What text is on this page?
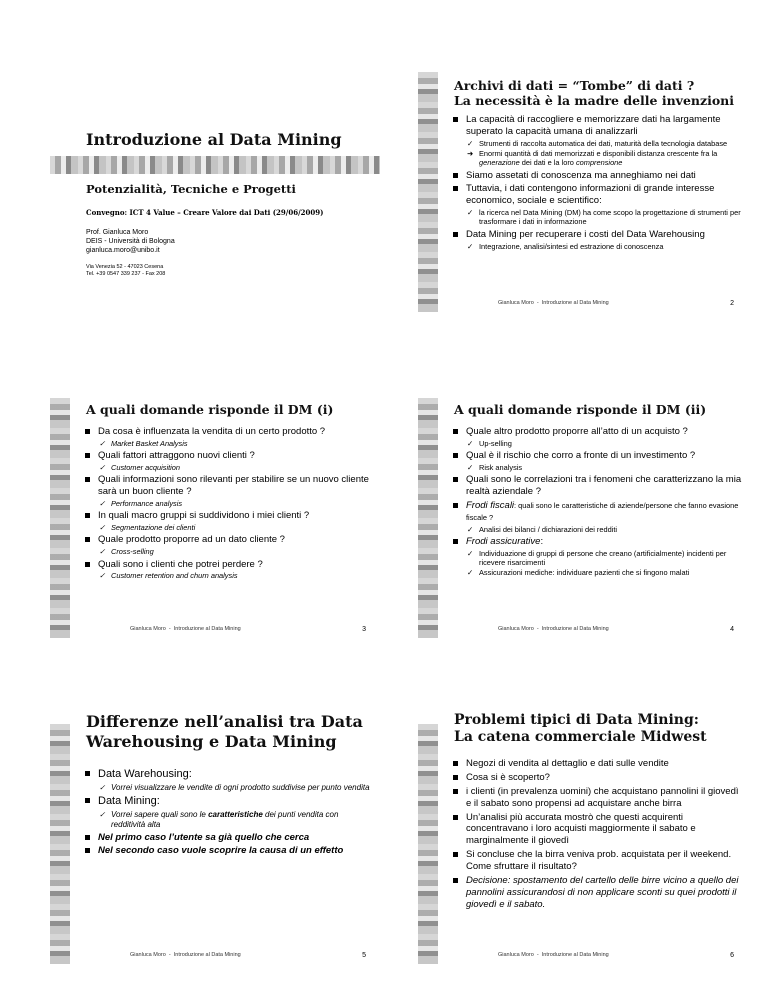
Introduzione al Data Mining
Potenzialità, Tecniche e Progetti
Convegno: ICT 4 Value – Creare Valore dai Dati (29/06/2009)
Prof. Gianluca Moro
DEIS - Università di Bologna
gianluca.moro@unibo.it
Via Venezia 52 - 47023 Cesena
Tel. +39 0547 339 237 - Fax 208
Archivi di dati = “Tombe” di dati ?
La necessità è la madre delle invenzioni
La capacità di raccogliere e memorizzare dati ha largamente superato la capacità umana di analizzarli
✓ Strumenti di raccolta automatica dei dati, maturità della tecnologia database
➜ Enormi quantità di dati memorizzati e disponibili distanza crescente fra la generazione dei dati e la loro comprensione
Siamo assetati di conoscenza ma anneghiamo nei dati
Tuttavia, i dati contengono informazioni di grande interesse economico, sociale e scientifico:
✓ la ricerca nel Data Mining (DM) ha come scopo la progettazione di strumenti per trasformare i dati in informazione
Data Mining per recuperare i costi del Data Warehousing
✓ Integrazione, analisi/sintesi ed estrazione di conoscenza
Gianluca Moro - Introduzione al Data Mining	2
A quali domande risponde il DM (i)
Da cosa è influenzata la vendita di un certo prodotto ?
✓ Market Basket Analysis
Quali fattori attraggono nuovi clienti ?
✓ Customer acquisition
Quali informazioni sono rilevanti per stabilire se un nuovo cliente sarà un buon cliente ?
✓ Performance analysis
In quali macro gruppi si suddividono i miei clienti ?
✓ Segmentazione dei clienti
Quale prodotto proporre ad un dato cliente ?
✓ Cross-selling
Quali sono i clienti che potrei perdere ?
✓ Customer retention and churn analysis
Gianluca Moro - Introduzione al Data Mining	3
A quali domande risponde il DM (ii)
Quale altro prodotto proporre all’atto di un acquisto ?
✓ Up-selling
Qual è il rischio che corro a fronte di un investimento ?
✓ Risk analysis
Quali sono le correlazioni tra i fenomeni che caratterizzano la mia realtà aziendale ?
Frodi fiscali: quali sono le caratteristiche di aziende/persone che fanno evasione fiscale ?
✓ Analisi dei bilanci / dichiarazioni dei redditi
Frodi assicurative:
✓ Individuazione di gruppi di persone che creano (artificialmente) incidenti per ricevere risarcimenti
✓ Assicurazioni mediche: individuare pazienti che si fingono malati
Gianluca Moro - Introduzione al Data Mining	4
Differenze nell’analisi tra Data
Warehousing e Data Mining
Data Warehousing:
✓ Vorrei visualizzare le vendite di ogni prodotto suddivise per punto vendita
Data Mining:
✓ Vorrei sapere quali sono le caratteristiche dei punti vendita con redditività alta
Nel primo caso l’utente sa già quello che cerca
Nel secondo caso vuole scoprire la causa di un effetto
Gianluca Moro - Introduzione al Data Mining	5
Problemi tipici di Data Mining:
La catena commerciale Midwest
Negozi di vendita al dettaglio e dati sulle vendite
Cosa si è scoperto?
i clienti (in prevalenza uomini) che acquistano pannolini il giovedì e il sabato sono propensi ad acquistare anche birra
Un’analisi più accurata mostrò che questi acquirenti concentravano i loro acquisti maggiormente il sabato e marginalmente il giovedì
Si concluse che la birra veniva prob. acquistata per il weekend. Come sfruttare il risultato?
Decisione: spostamento del cartello delle birre vicino a quello dei pannolini assicurandosi di non applicare sconti su quei prodotti il giovedì e il sabato.
Gianluca Moro - Introduzione al Data Mining	6
